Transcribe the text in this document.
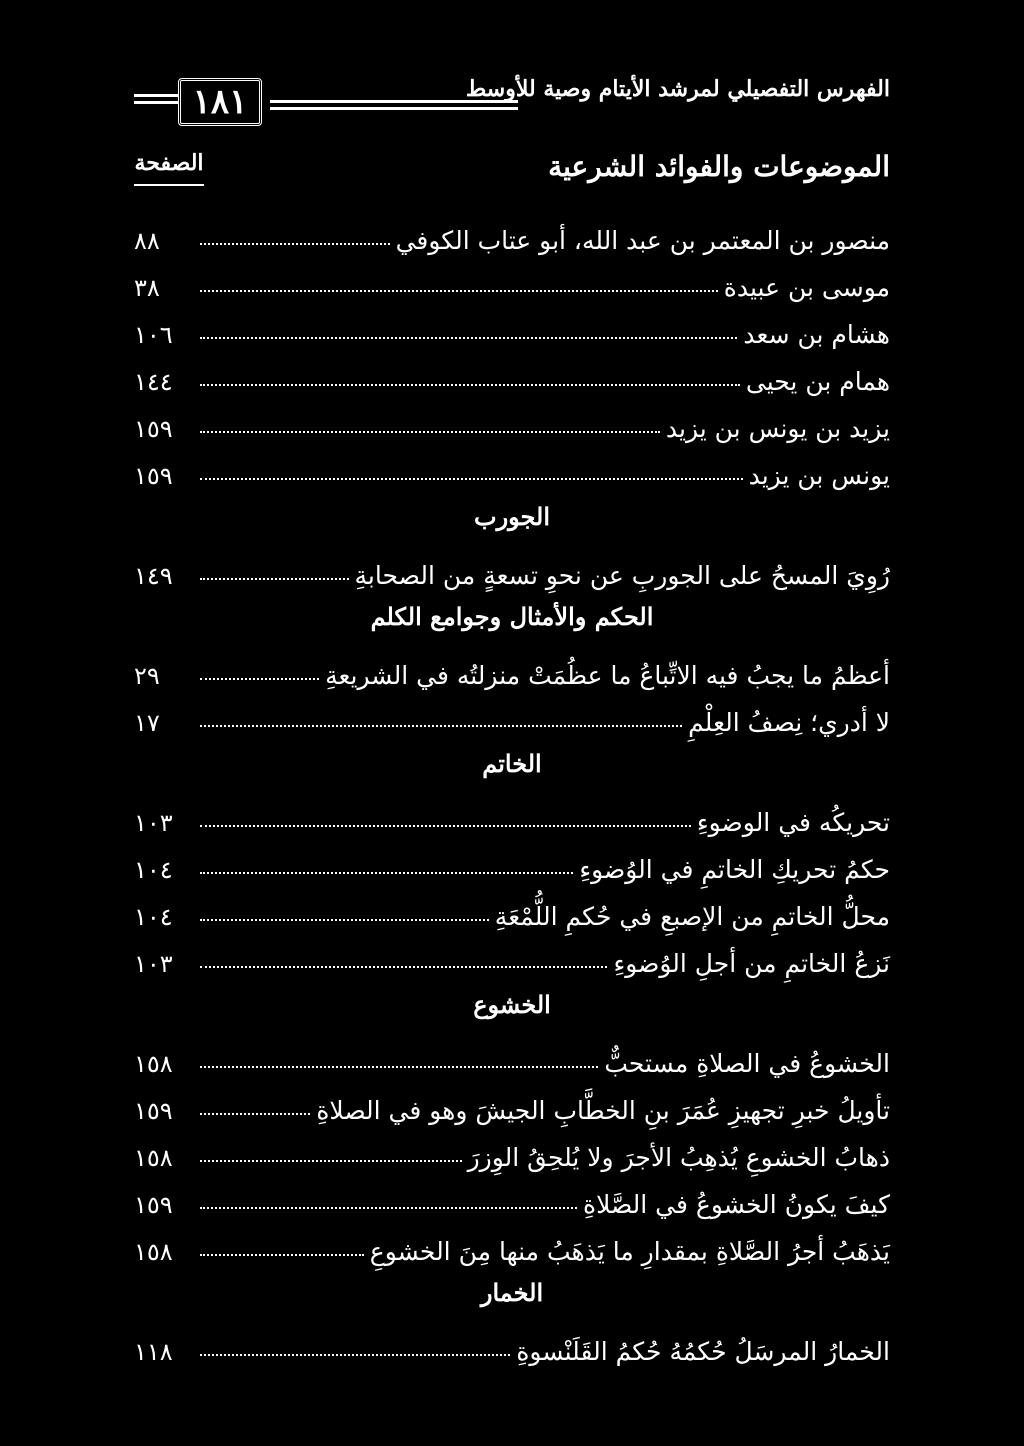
١٨١	الفهرس التفصيلي لمرشد الأيتام وصية للأوسط
الموضوعات والفوائد الشرعية
الصفحة
منصور بن المعتمر بن عبد الله، أبو عتاب الكوفي
٨٨
موسى بن عبيدة
٣٨
هشام بن سعد
١٠٦
همام بن يحيى
١٤٤
يزيد بن يونس بن يزيد
١٥٩
يونس بن يزيد
١٥٩
الجورب
رُوِيَ المسحُ على الجوربِ عن نحوِ تسعةٍ من الصحابةِ
١٤٩
الحكم والأمثال وجوامع الكلم
أعظمُ ما يجبُ فيه الاتِّباعُ ما عظُمَتْ منزلتُه في الشريعةِ
٢٩
لا أدري؛ نِصفُ العِلْمِ
١٧
الخاتم
تحريكُه في الوضوءِ
١٠٣
حكمُ تحريكِ الخاتمِ في الوُضوءِ
١٠٤
محلُّ الخاتمِ من الإصبعِ في حُكمِ اللُّمْعَةِ
١٠٤
نَزعُ الخاتمِ من أجلِ الوُضوءِ
١٠٣
الخشوع
الخشوعُ في الصلاةِ مستحبٌّ
١٥٨
تأويلُ خبرِ تجهيزِ عُمَرَ بنِ الخطَّابِ الجيشَ وهو في الصلاةِ
١٥٩
ذهابُ الخشوعِ يُذهِبُ الأجرَ ولا يُلحِقُ الوِزرَ
١٥٨
كيفَ يكونُ الخشوعُ في الصَّلاةِ
١٥٩
يَذهَبُ أجرُ الصَّلاةِ بمقدارِ ما يَذهَبُ منها مِنَ الخشوعِ
١٥٨
الخمار
الخمارُ المرسَلُ حُكمُهُ حُكمُ القَلَنْسوةِ
١١٨
